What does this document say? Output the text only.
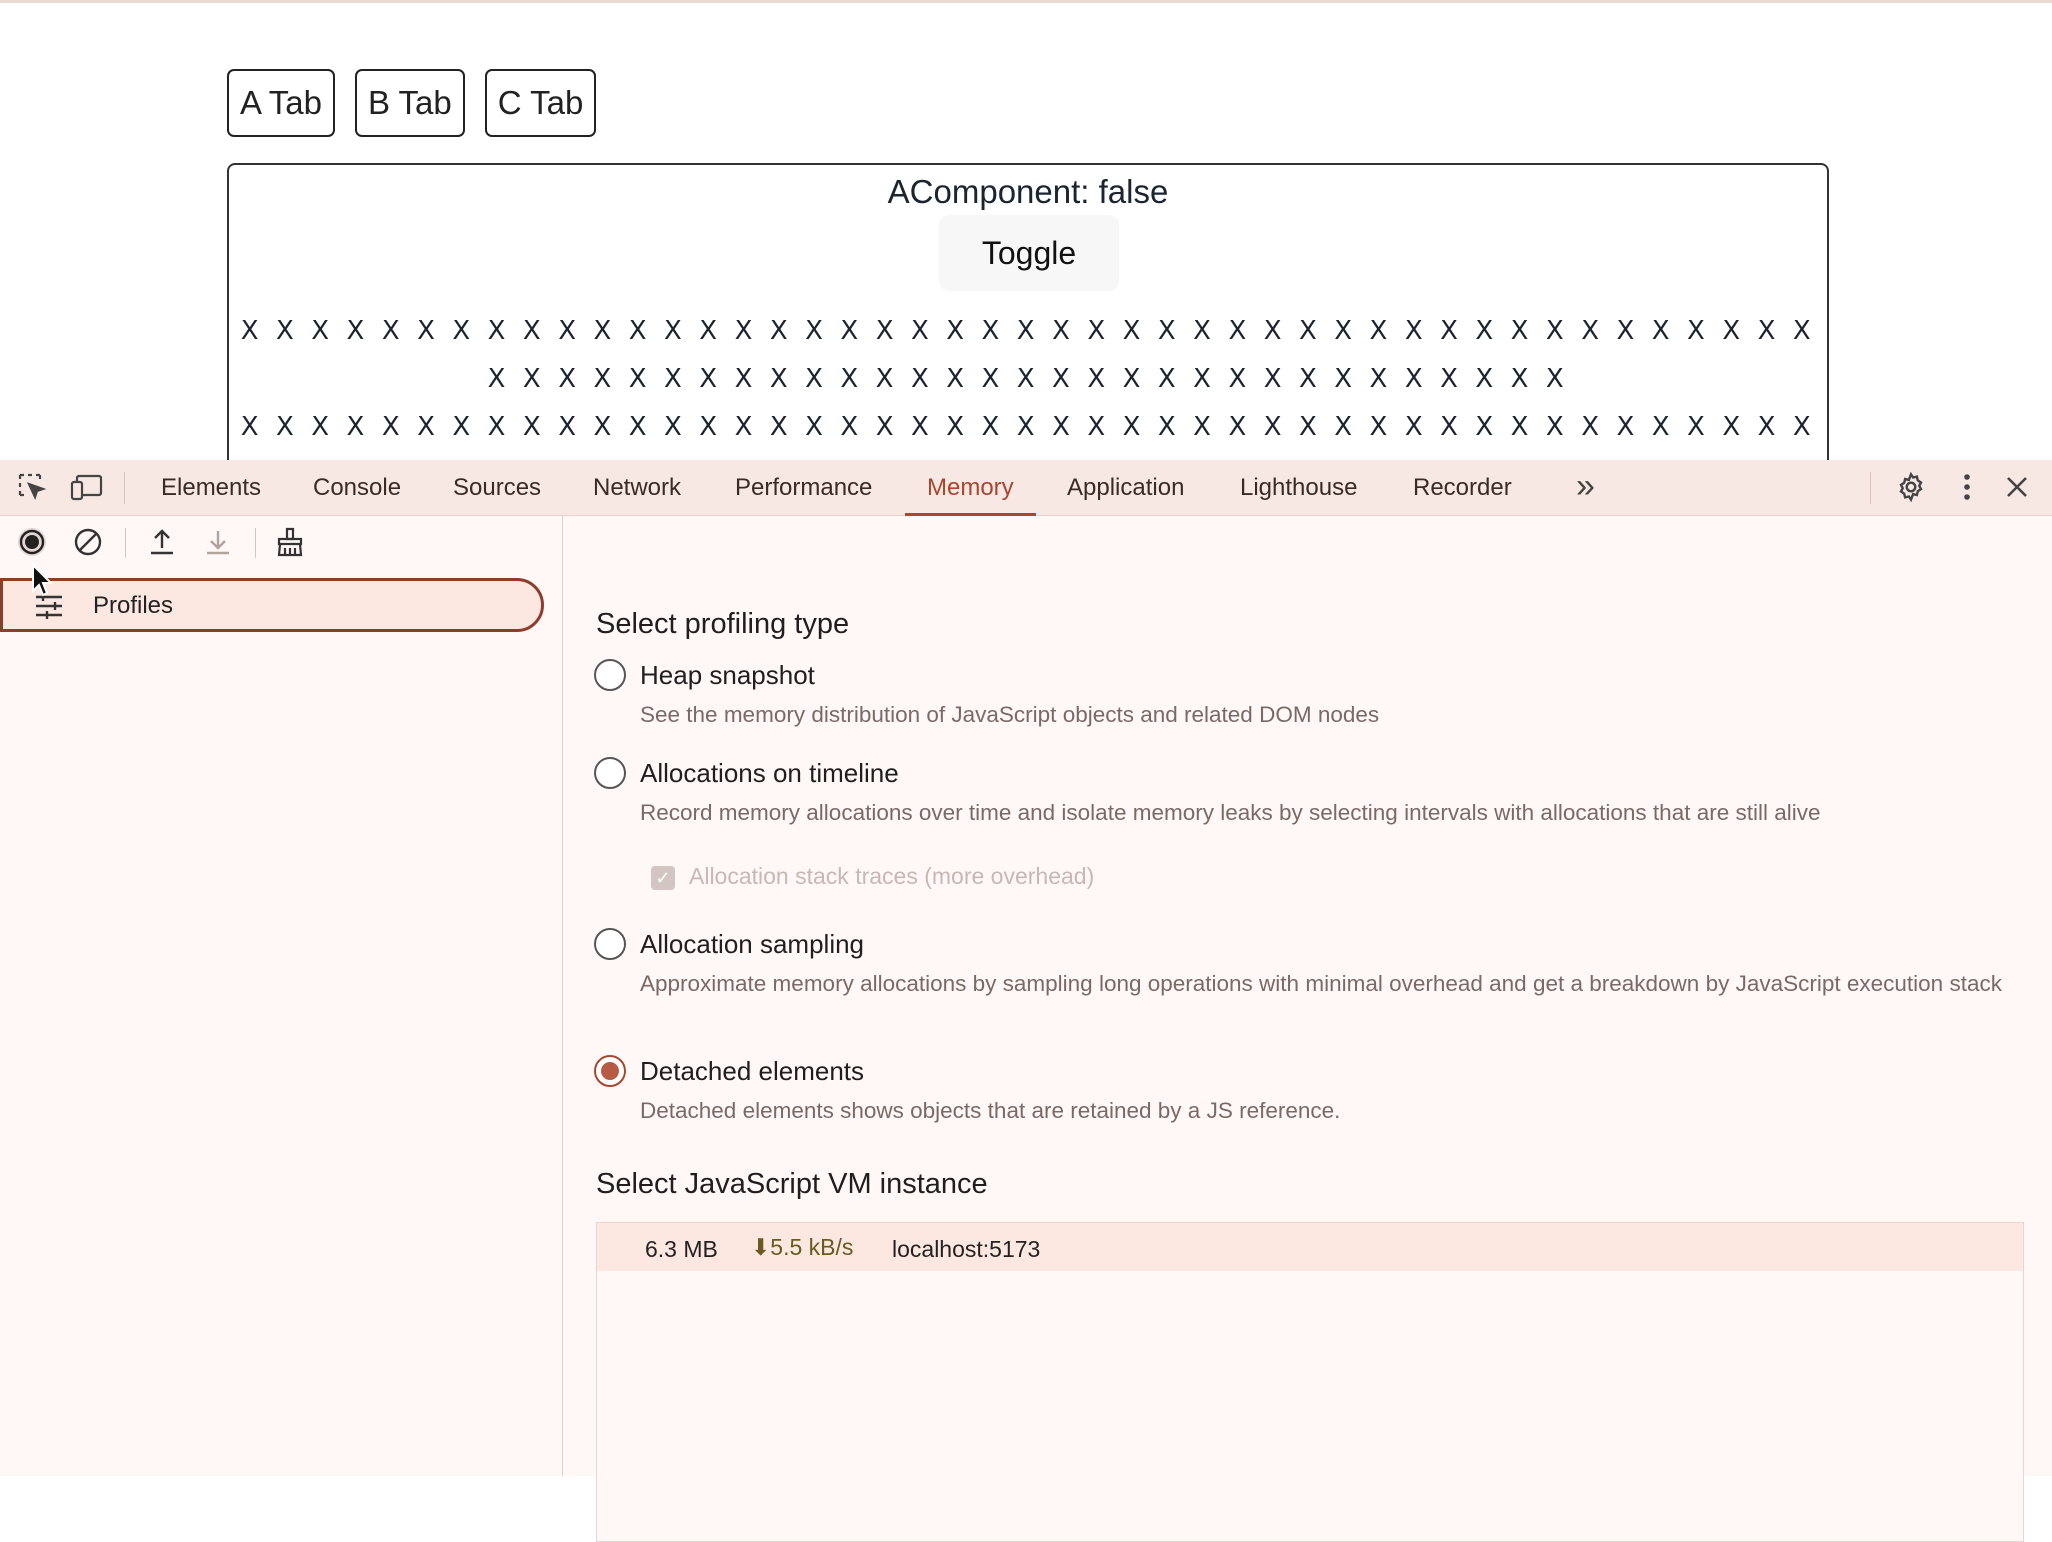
A Tab	B Tab	C Tab
AComponent: false
Toggle
X X X X X X X X X X X X X X X X X X X X X X X X X X X X X X X X X X X X X X X X X X X X X X X X X X X X X X X X X X X X X X X X X X X X X X X X X X X X
X X X X X X X X X X X X X X X X X X X X X X X X X X X X X X X X X X X X X X X X X X X X X
Elements Console Sources Network Performance Memory Application Lighthouse Recorder »
Profiles
Select profiling type
Heap snapshot
See the memory distribution of JavaScript objects and related DOM nodes
Allocations on timeline
Record memory allocations over time and isolate memory leaks by selecting intervals with allocations that are still alive
✓ Allocation stack traces (more overhead)
Allocation sampling
Approximate memory allocations by sampling long operations with minimal overhead and get a breakdown by JavaScript execution stack
Detached elements
Detached elements shows objects that are retained by a JS reference.
Select JavaScript VM instance
6.3 MB ⬇5.5 kB/s localhost:5173
